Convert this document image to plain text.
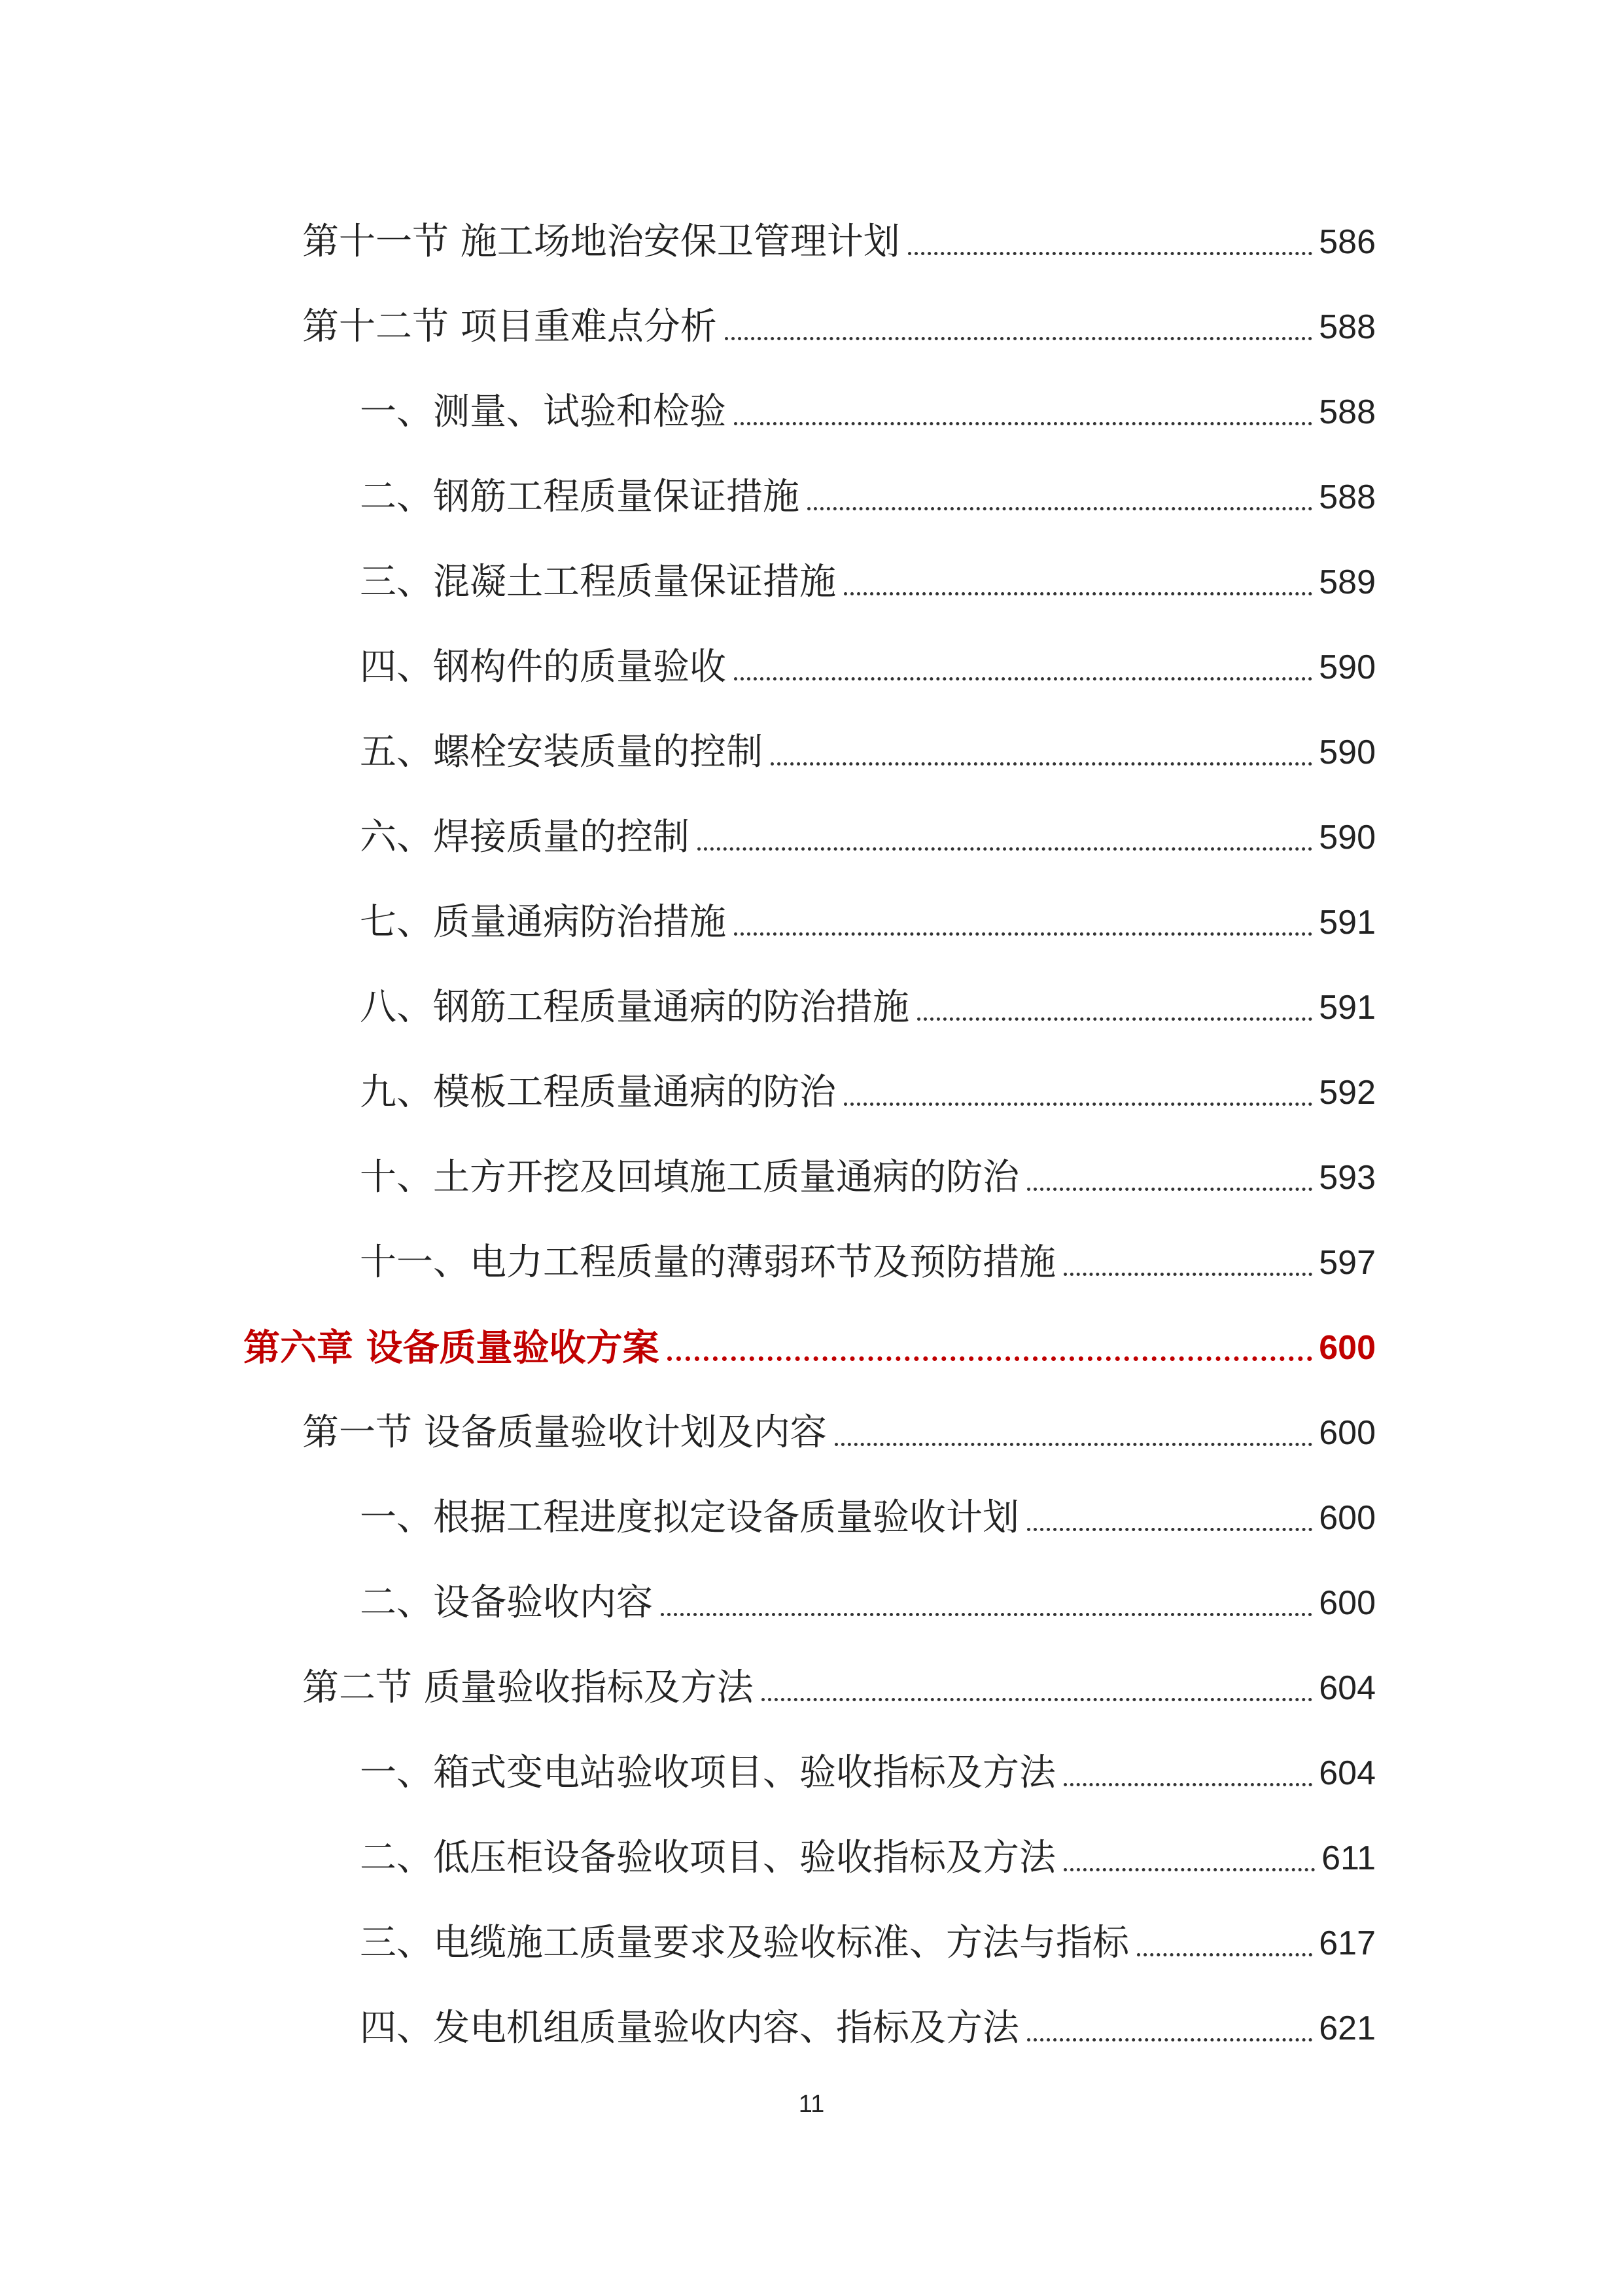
第十一节 施工场地治安保卫管理计划	586
第十二节 项目重难点分析	588
一、测量、试验和检验	588
二、钢筋工程质量保证措施	588
三、混凝土工程质量保证措施	589
四、钢构件的质量验收	590
五、螺栓安装质量的控制	590
六、焊接质量的控制	590
七、质量通病防治措施	591
八、钢筋工程质量通病的防治措施	591
九、模板工程质量通病的防治	592
十、土方开挖及回填施工质量通病的防治	593
十一、电力工程质量的薄弱环节及预防措施	597
第六章 设备质量验收方案	600
第一节 设备质量验收计划及内容	600
一、根据工程进度拟定设备质量验收计划	600
二、设备验收内容	600
第二节 质量验收指标及方法	604
一、箱式变电站验收项目、验收指标及方法	604
二、低压柜设备验收项目、验收指标及方法	611
三、电缆施工质量要求及验收标准、方法与指标	617
四、发电机组质量验收内容、指标及方法	621
11
